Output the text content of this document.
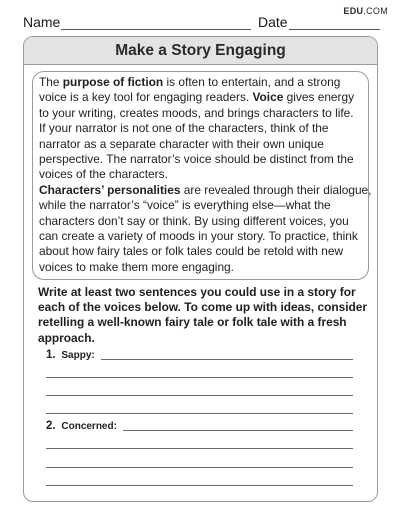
EDU.COM
Name	Date
Make a Story Engaging

The purpose of fiction is often to entertain, and a strong

voice is a key tool for engaging readers. Voice gives energy

to your writing, creates moods, and brings characters to life.

If your narrator is not one of the characters, think of the

narrator as a separate character with their own unique

perspective. The narrator’s voice should be distinct from the

voices of the characters.

Characters’ personalities are revealed through their dialogue,

while the narrator’s “voice” is everything else—what the

characters don’t say or think. By using different voices, you

can create a variety of moods in your story. To practice, think

about how fairy tales or folk tales could be retold with new

voices to make them more engaging.

Write at least two sentences you could use in a story for

each of the voices below. To come up with ideas, consider

retelling a well-known fairy tale or folk tale with a fresh

approach.

1. Sappy:
2. Concerned:
